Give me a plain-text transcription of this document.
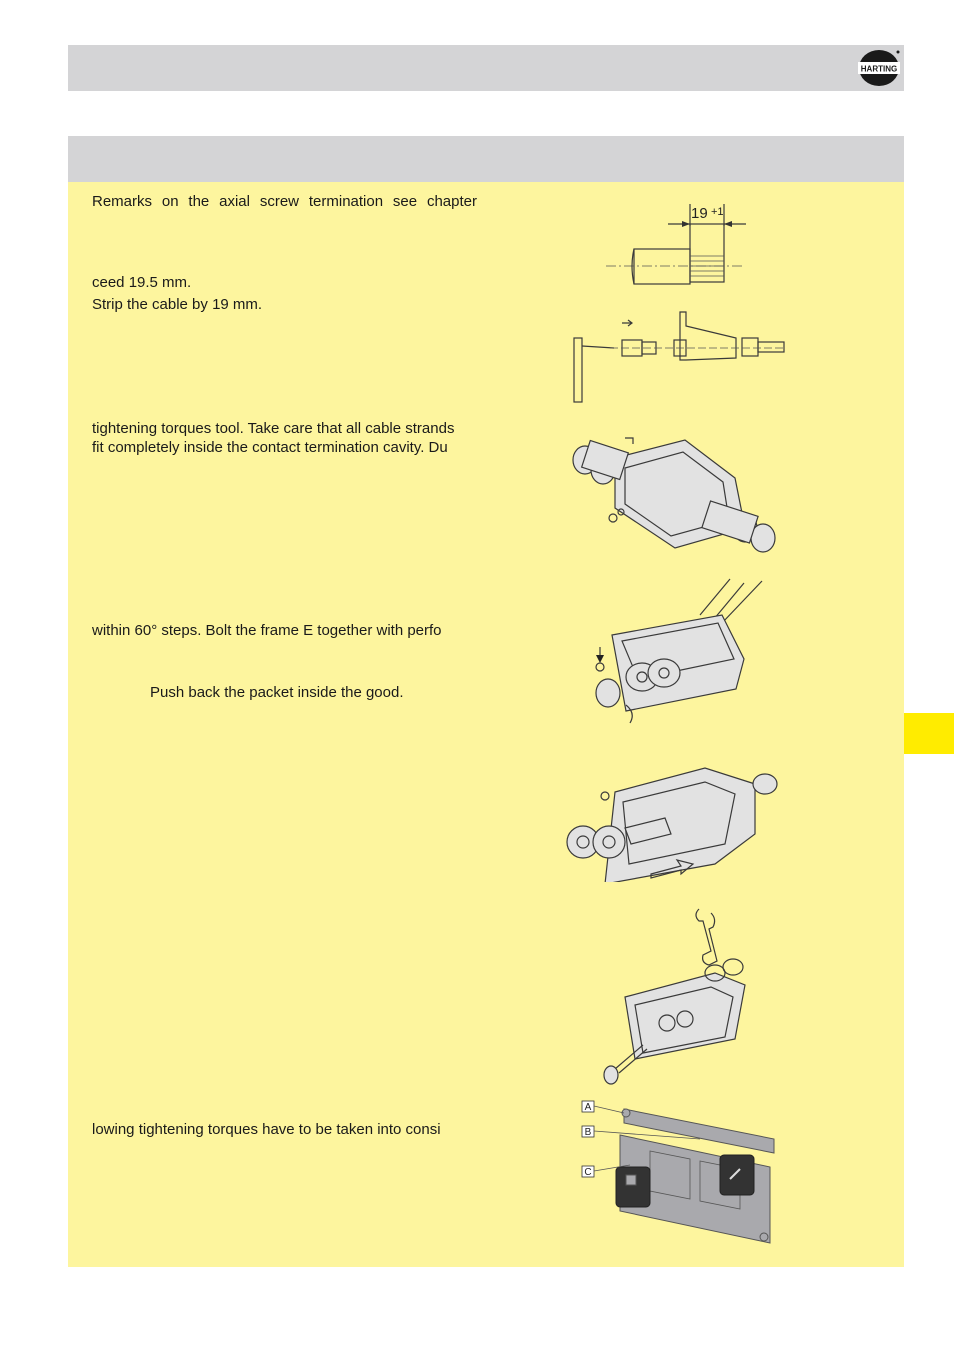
HARTING
Remarks on the axial screw termination see chapter
ceed 19.5 mm.
Strip the cable by 19 mm.
tightening torques tool. Take care that all cable strands
fit completely inside the contact termination cavity. Du
within 60° steps. Bolt the frame E together with perfo
Push back the packet inside the good.
lowing tightening torques have to be taken into consi
19 +1
A
B
C
